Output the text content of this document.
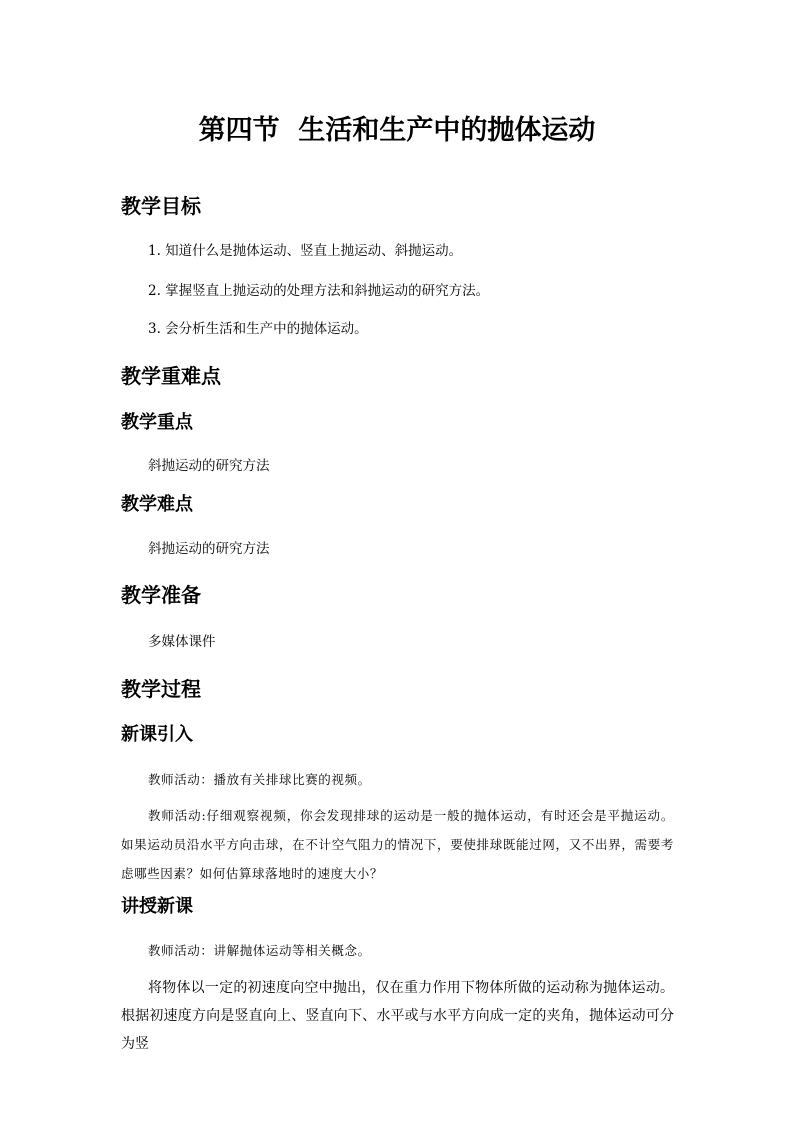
第四节  生活和生产中的抛体运动
教学目标
1. 知道什么是抛体运动、竖直上抛运动、斜抛运动。
2. 掌握竖直上抛运动的处理方法和斜抛运动的研究方法。
3. 会分析生活和生产中的抛体运动。
教学重难点
教学重点
斜抛运动的研究方法
教学难点
斜抛运动的研究方法
教学准备
多媒体课件
教学过程
新课引入
教师活动：播放有关排球比赛的视频。
教师活动:仔细观察视频，你会发现排球的运动是一般的抛体运动，有时还会是平抛运动。如果运动员沿水平方向击球，在不计空气阻力的情况下，要使排球既能过网，又不出界，需要考虑哪些因素？如何估算球落地时的速度大小？
讲授新课
教师活动：讲解抛体运动等相关概念。
将物体以一定的初速度向空中抛出，仅在重力作用下物体所做的运动称为抛体运动。根据初速度方向是竖直向上、竖直向下、水平或与水平方向成一定的夹角，抛体运动可分为竖
